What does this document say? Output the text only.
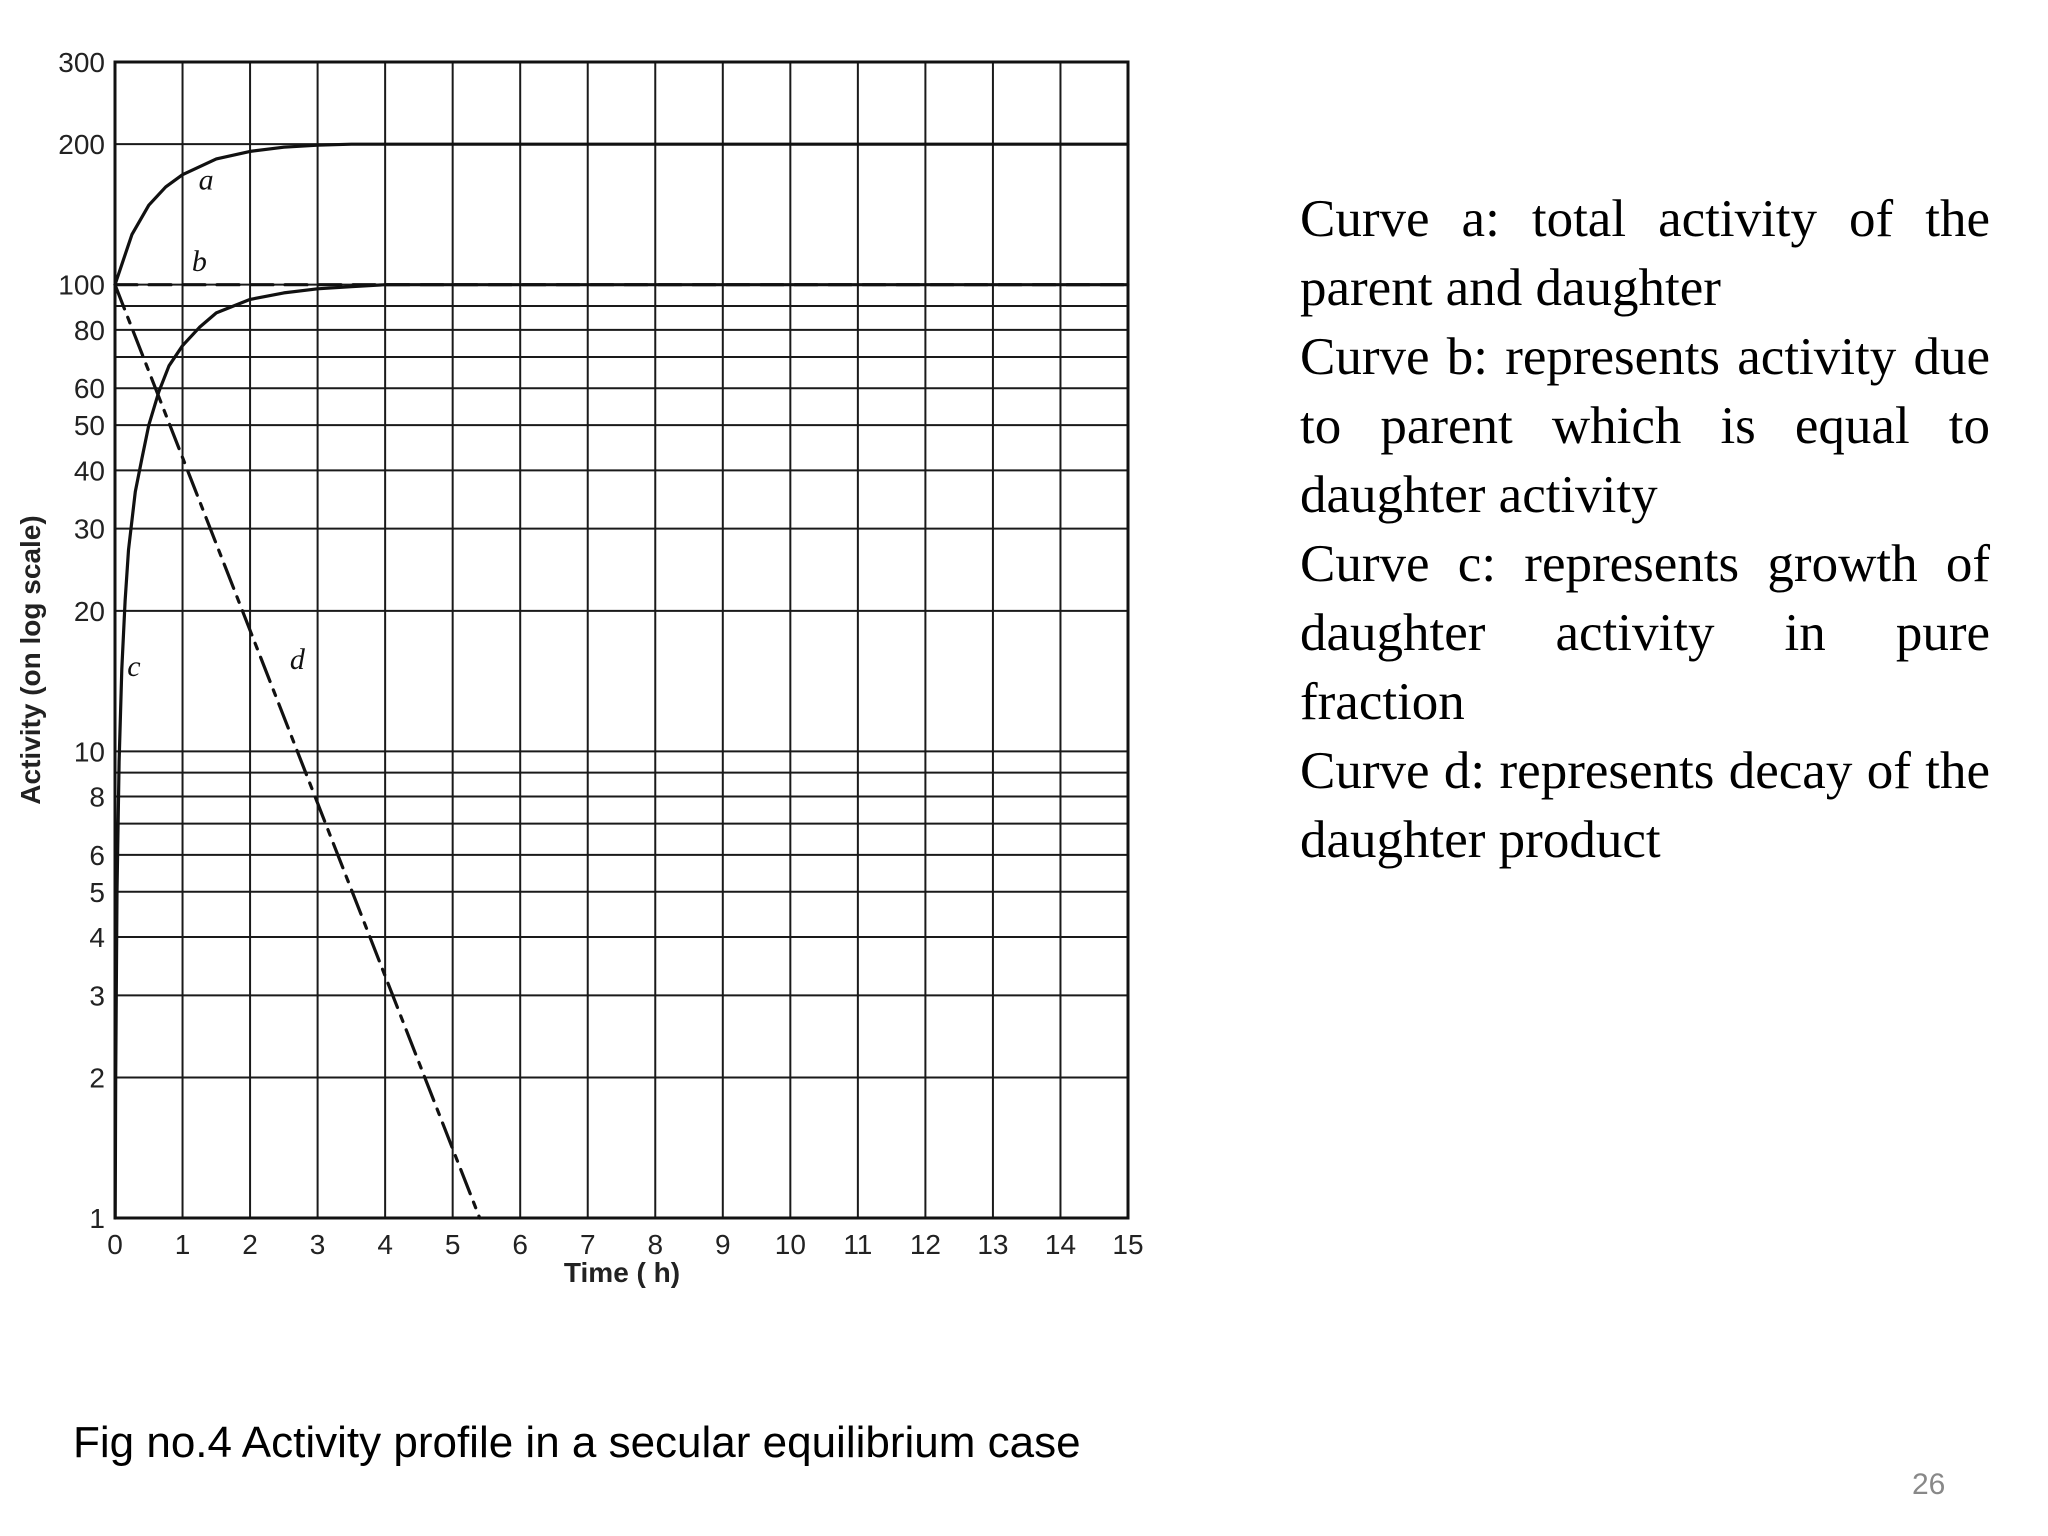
0 1 2 3 4 5 6 7 8 9 10 11 12 13 14 15
1
2
3
4
5
6
8
10
20
30
40
50
60
80
100
200
300
a
b
c	d
Time ( h)
Activity (on log scale)

Curve a: total activity of the parent and daughter

Curve b: represents activity due to parent which is equal to daughter activity

Curve c: represents growth of daughter activity in pure fraction

Curve d: represents decay of the daughter product

Fig no.4 Activity profile in a secular equilibrium case
26
